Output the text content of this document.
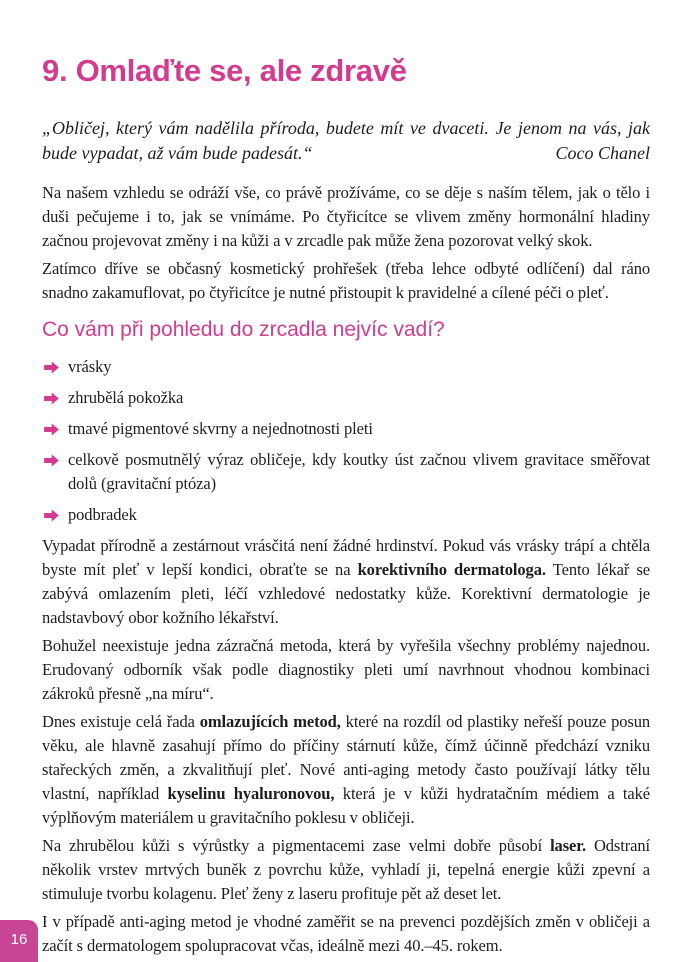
9. Omlaďte se, ale zdravě
„Obličej, který vám nadělila příroda, budete mít ve dvaceti. Je jenom na vás, jak bude vypadat, až vám bude padesát.“	Coco Chanel

Na našem vzhledu se odráží vše, co právě prožíváme, co se děje s naším tělem, jak o tělo i duši pečujeme i to, jak se vnímáme. Po čtyřicítce se vlivem změny hormonální hladiny začnou projevovat změny i na kůži a v zrcadle pak může žena pozorovat velký skok.

Zatímco dříve se občasný kosmetický prohřešek (třeba lehce odbyté odlíčení) dal ráno snadno zakamuflovat, po čtyřicítce je nutné přistoupit k pravidelné a cílené péči o pleť.

Co vám při pohledu do zrcadla nejvíc vadí?
vrásky
zhrubělá pokožka
tmavé pigmentové skvrny a nejednotnosti pleti
celkově posmutnělý výraz obličeje, kdy koutky úst začnou vlivem gravitace směřovat dolů (gravitační ptóza)
podbradek

Vypadat přírodně a zestárnout vrásčitá není žádné hrdinství. Pokud vás vrásky trápí a chtěla byste mít pleť v lepší kondici, obraťte se na korektivního dermatologa. Tento lékař se zabývá omlazením pleti, léčí vzhledové nedostatky kůže. Korektivní dermatologie je nadstavbový obor kožního lékařství.

Bohužel neexistuje jedna zázračná metoda, která by vyřešila všechny problémy najednou. Erudovaný odborník však podle diagnostiky pleti umí navrhnout vhodnou kombinaci zákroků přesně „na míru“.

Dnes existuje celá řada omlazujících metod, které na rozdíl od plastiky neřeší pouze posun věku, ale hlavně zasahují přímo do příčiny stárnutí kůže, čímž účinně předchází vzniku stařeckých změn, a zkvalitňují pleť. Nové anti-aging metody často používají látky tělu vlastní, například kyselinu hyaluronovou, která je v kůži hydratačním médiem a také výplňovým materiálem u gravitačního poklesu v obličeji.

Na zhrubělou kůži s výrůstky a pigmentacemi zase velmi dobře působí laser. Odstraní několik vrstev mrtvých buněk z povrchu kůže, vyhladí ji, tepelná energie kůži zpevní a stimuluje tvorbu kolagenu. Pleť ženy z laseru profituje pět až deset let.

I v případě anti-aging metod je vhodné zaměřit se na prevenci pozdějších změn v obličeji a začít s dermatologem spolupracovat včas, ideálně mezi 40.–45. rokem.

16
